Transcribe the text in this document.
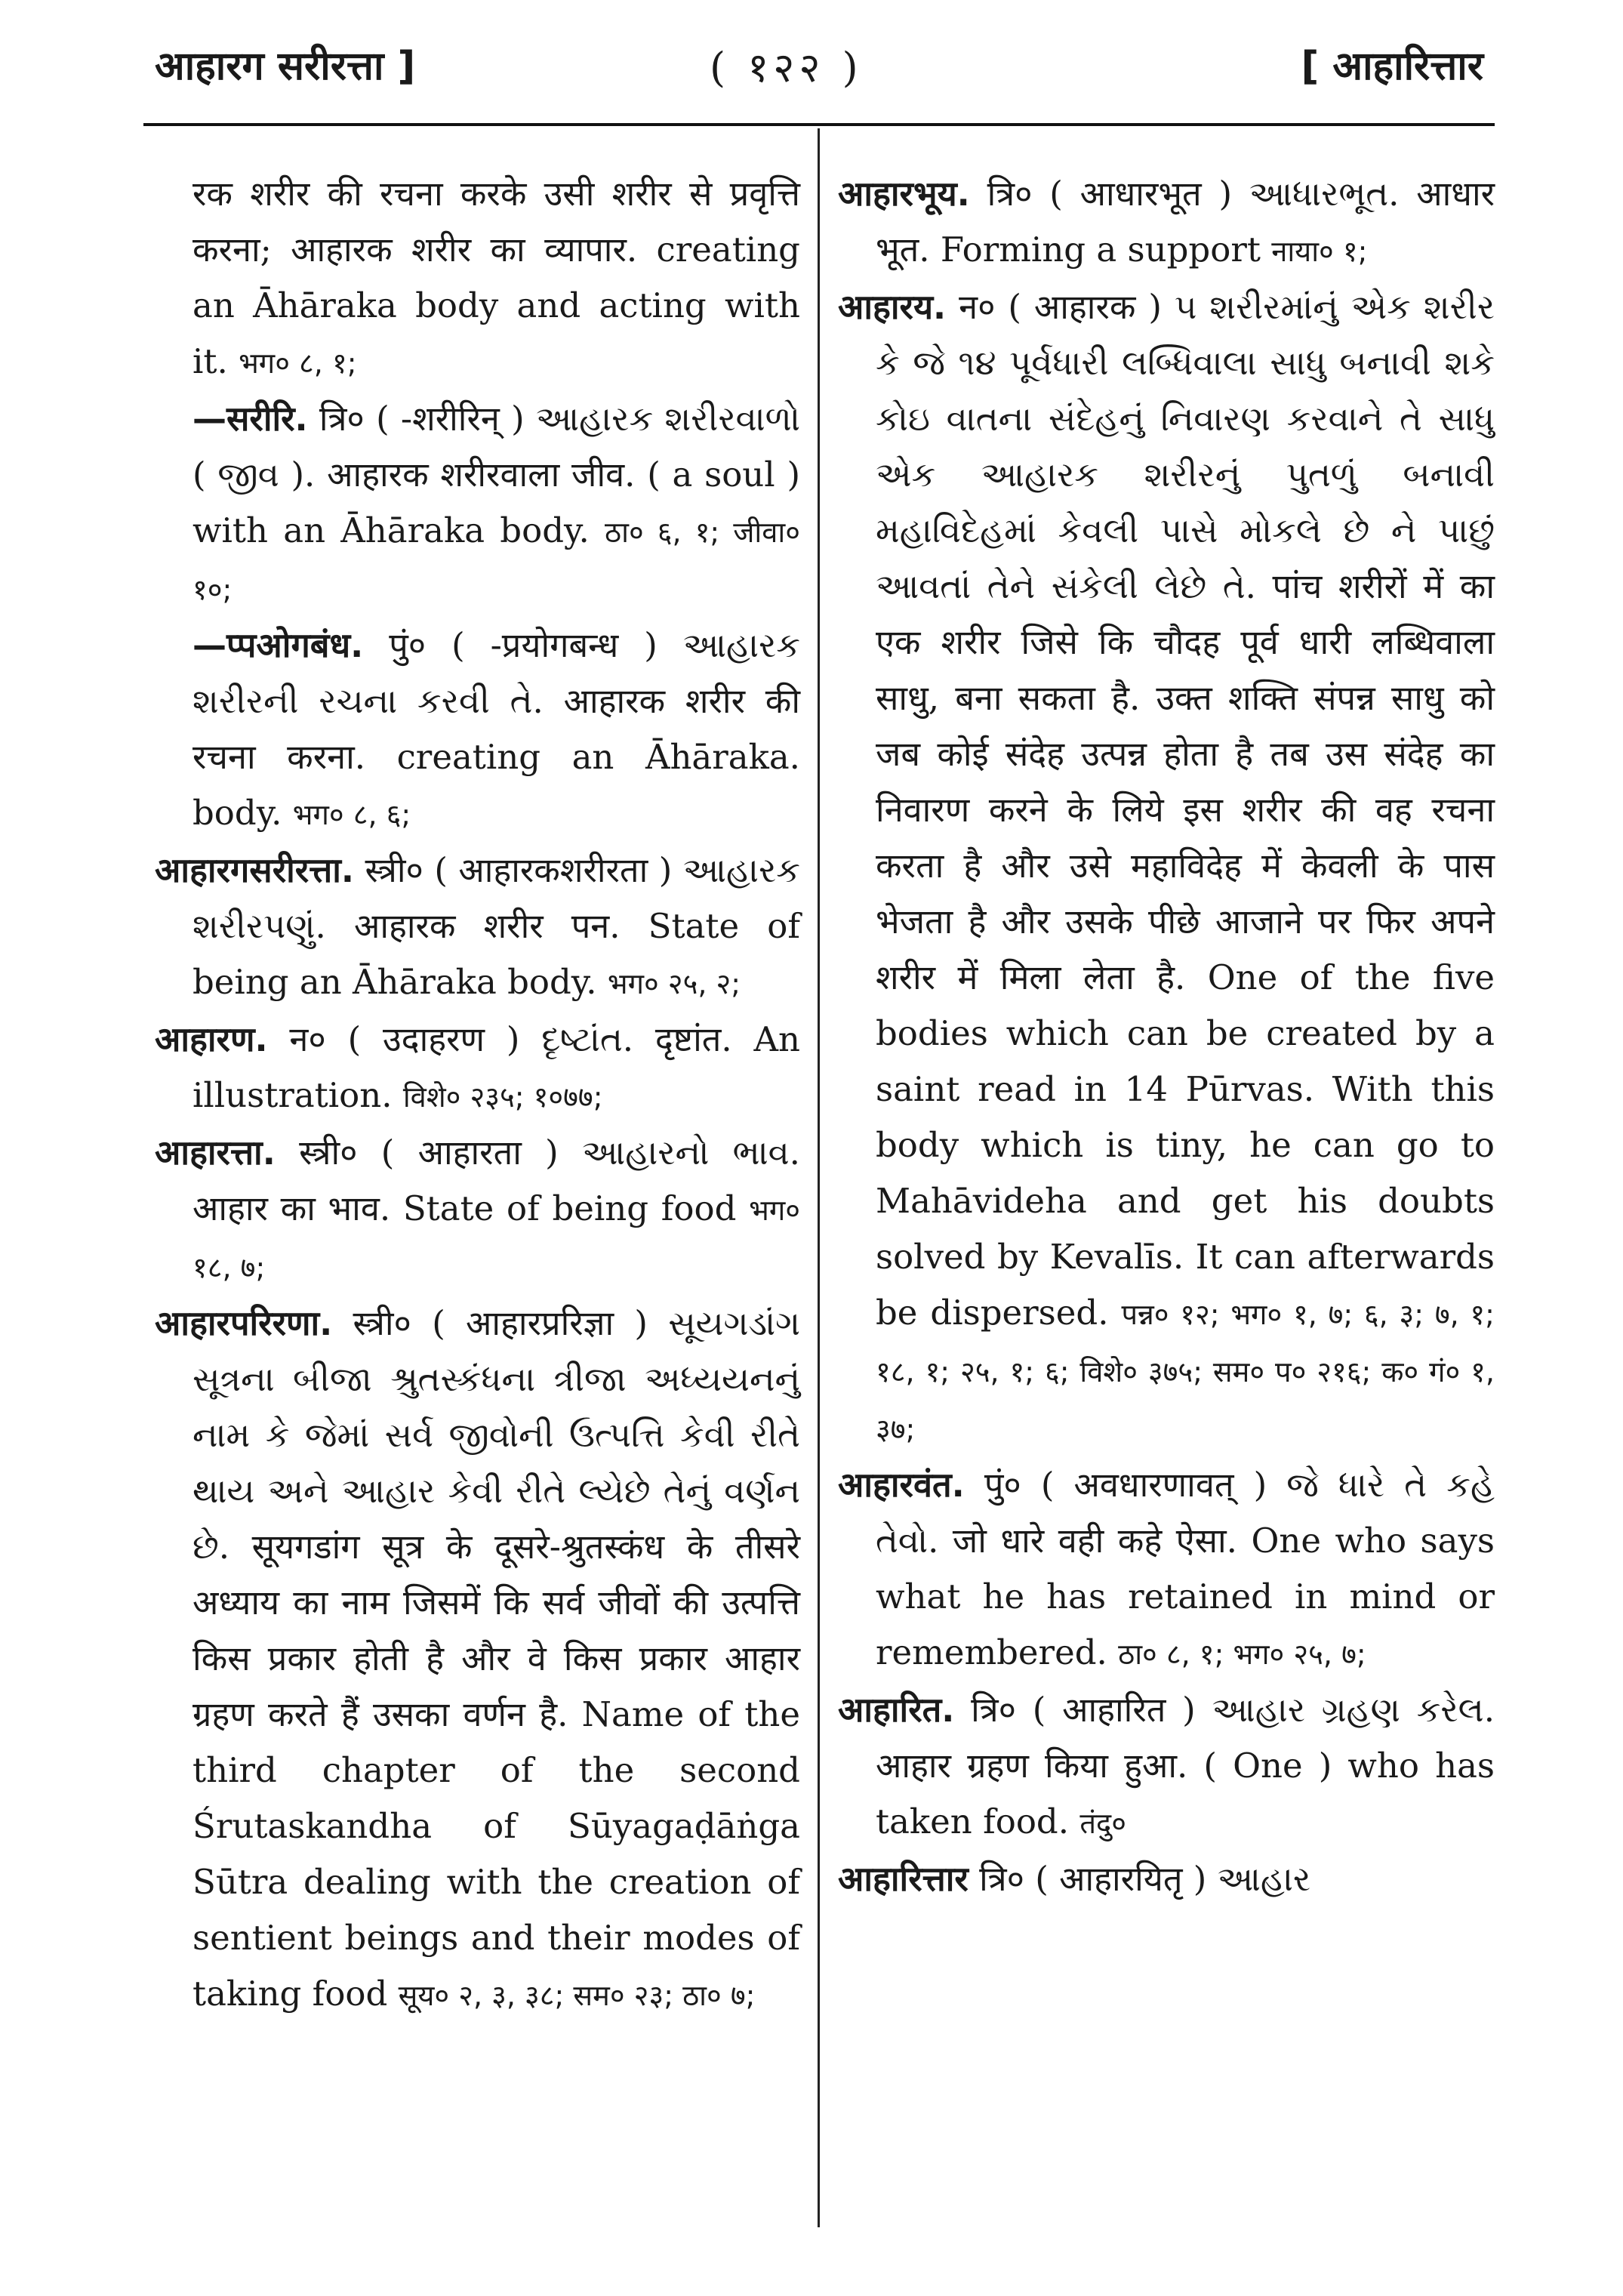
आहारग सरीरत्ता ]	( १२२ )	[ आहारित्तार

रक शरीर की रचना करके उसी शरीर से प्रवृत्ति करना; आहारक शरीर का व्यापार. creating an Āhāraka body and acting with it. भग० ८, १;

—सरीरि. त्रि० ( -शरीरिन् ) આહારક શરીરવાળો ( જીવ ). आहारक शरीरवाला जीव. ( a soul ) with an Āhāraka body. ठा० ६, १; जीवा० १०;

—प्पओगबंध. पुं० ( -प्रयोगबन्ध ) આહારક શરીરની રચના કરવી તે. आहारक शरीर की रचना करना. creating an Āhāraka. body. भग० ८, ६;

आहारगसरीरत्ता. स्त्री० ( आहारकशरीरता ) આહારક શરીરપણું. आहारक शरीर पन. State of being an Āhāraka body. भग० २५, २;

आहारण. न० ( उदाहरण ) દૃષ્ટાંત. दृष्टांत. An illustration. विशे० २३५; १०७७;

आहारत्ता. स्त्री० ( आहारता ) આહારનો ભાવ. आहार का भाव. State of being food भग० १८, ७;

आहारपरिरणा. स्त्री० ( आहारप्ररिज्ञा ) સૂયગડાંગ સૂત્રના બીજા શ્રુતસ્કંધના ત્રીજા અધ્યયનનું નામ કે જેમાં સર્વ જીવોની ઉત્પત્તિ કેવી રીતે થાય અને આહાર કેવી રીતે લ્યેછે તેનું વર્ણન છે. सूयगडांग सूत्र के दूसरे-श्रुतस्कंध के तीसरे अध्याय का नाम जिसमें कि सर्व जीवों की उत्पत्ति किस प्रकार होती है और वे किस प्रकार आहार ग्रहण करते हैं उसका वर्णन है. Name of the third chapter of the second Śrutaskandha of Sūyagaḍāṅga Sūtra dealing with the creation of sentient beings and their modes of taking food सूय० २, ३, ३८; सम० २३; ठा० ७;

आहारभूय. त्रि० ( आधारभूत ) આધારભૂત. आधार भूत. Forming a support नाया० १;

आहारय. न० ( आहारक ) ૫ શરીરમાંનું એક શરીર કે જે ૧૪ પૂર્વધારી લબ્ધિવાલા સાધુ બનાવી શકે કોઇ વાતના સંદેહનું નિવારણ કરવાને તે સાધુ એક આહારક શરીરનું પુતળું બનાવી મહાવિદેહમાં કેવલી પાસે મોકલે છે ને પાછું આવતાં તેને સંકેલી લેછે તે. पांच शरीरों में का एक शरीर जिसे कि चौदह पूर्व धारी लब्धिवाला साधु, बना सकता है. उक्त शक्ति संपन्न साधु को जब कोई संदेह उत्पन्न होता है तब उस संदेह का निवारण करने के लिये इस शरीर की वह रचना करता है और उसे महाविदेह में केवली के पास भेजता है और उसके पीछे आजाने पर फिर अपने शरीर में मिला लेता है. One of the five bodies which can be created by a saint read in 14 Pūrvas. With this body which is tiny, he can go to Mahāvideha and get his doubts solved by Kevalīs. It can afterwards be dispersed. पन्न० १२; भग० १, ७; ६, ३; ७, १; १८, १; २५, १; ६; विशे० ३७५; सम० प० २१६; क० गं० १, ३७;

आहारवंत. पुं० ( अवधारणावत् ) જે ધારે તે કહે તેવો. जो धारे वही कहे ऐसा. One who says what he has retained in mind or remembered. ठा० ८, १; भग० २५, ७;

आहारित. त्रि० ( आहारित ) આહાર ગ્રહણ કરેલ. आहार ग्रहण किया हुआ. ( One ) who has taken food. तंदु०

आहारित्तार त्रि० ( आहारयितृ ) આહાર
